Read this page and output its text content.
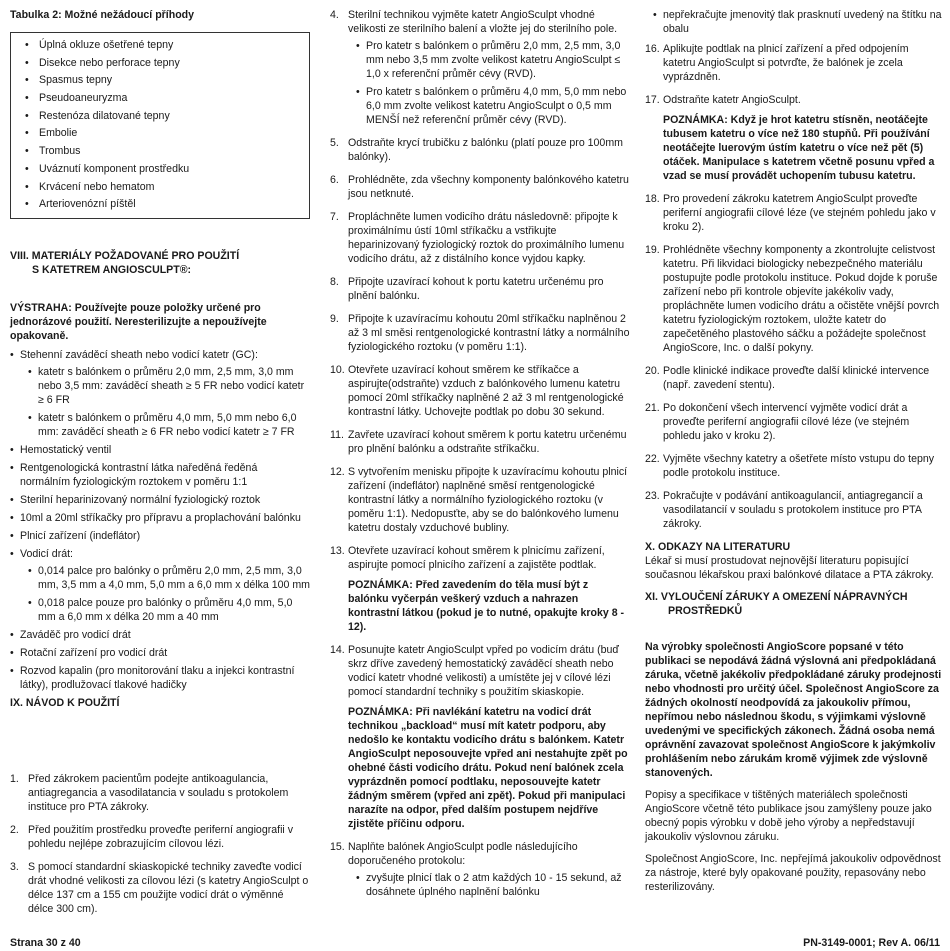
Tabulka 2: Možné nežádoucí příhody
• Úplná okluze ošetřené tepny
• Disekce nebo perforace tepny
• Spasmus tepny
• Pseudoaneuryzma
• Restenóza dilatované tepny
• Embolie
• Trombus
• Uváznutí komponent prostředku
• Krvácení nebo hematom
• Arteriovenózní píštěl
VIII. MATERIÁLY POŽADOVANÉ PRO POUŽITÍ
S KATETREM ANGIOSCULPT®:
VÝSTRAHA: Používejte pouze položky určené pro jednorázové použití. Neresterilizujte a nepoužívejte opakovaně.
• Stehenní zaváděcí sheath nebo vodicí katetr (GC):
• katetr s balónkem o průměru 2,0 mm, 2,5 mm, 3,0 mm nebo 3,5 mm: zaváděcí sheath ≥ 5 FR nebo vodicí katetr ≥ 6 FR
• katetr s balónkem o průměru 4,0 mm, 5,0 mm nebo 6,0 mm: zaváděcí sheath ≥ 6 FR nebo vodicí katetr ≥ 7 FR
• Hemostatický ventil
• Rentgenologická kontrastní látka naředěná ředěná normálním fyziologickým roztokem v poměru 1:1
• Sterilní heparinizovaný normální fyziologický roztok
• 10ml a 20ml stříkačky pro přípravu a proplachování balónku
• Plnicí zařízení (indeflátor)
• Vodicí drát:
• 0,014 palce pro balónky o průměru 2,0 mm, 2,5 mm, 3,0 mm, 3,5 mm a 4,0 mm, 5,0 mm a 6,0 mm x délka 100 mm
• 0,018 palce pouze pro balónky o průměru 4,0 mm, 5,0 mm a 6,0 mm x délka 20 mm a 40 mm
• Zaváděč pro vodicí drát
• Rotační zařízení pro vodicí drát
• Rozvod kapalin (pro monitorování tlaku a injekci kontrastní látky), prodlužovací tlakové hadičky
IX. NÁVOD K POUŽITÍ
1. Před zákrokem pacientům podejte antikoagulancia, antiagregancia a vasodilatancia v souladu s protokolem instituce pro PTA zákroky.
2. Před použitím prostředku proveďte periferní angiografii v pohledu nejlépe zobrazujícím cílovou lézi.
3. S pomocí standardní skiaskopické techniky zaveďte vodicí drát vhodné velikosti za cílovou lézi (s katetry AngioSculpt o délce 137 cm a 155 cm použijte vodicí drát o výměnné délce 300 cm).
4. Sterilní technikou vyjměte katetr AngioSculpt vhodné velikosti ze sterilního balení a vložte jej do sterilního pole.
• Pro katetr s balónkem o průměru 2,0 mm, 2,5 mm, 3,0 mm nebo 3,5 mm zvolte velikost katetru AngioSculpt ≤ 1,0 x referenční průměr cévy (RVD).
• Pro katetr s balónkem o průměru 4,0 mm, 5,0 mm nebo 6,0 mm zvolte velikost katetru AngioSculpt o 0,5 mm MENŠÍ než referenční průměr cévy (RVD).
5. Odstraňte krycí trubičku z balónku (platí pouze pro 100mm balónky).
6. Prohlédněte, zda všechny komponenty balónkového katetru jsou netknuté.
7. Propláchněte lumen vodicího drátu následovně: připojte k proximálnímu ústí 10ml stříkačku a vstřikujte heparinizovaný fyziologický roztok do proximálního lumenu vodicího drátu, až z distálního konce vyjdou kapky.
8. Připojte uzavírací kohout k portu katetru určenému pro plnění balónku.
9. Připojte k uzavíracímu kohoutu 20ml stříkačku naplněnou 2 až 3 ml směsi rentgenologické kontrastní látky a normálního fyziologického roztoku (v poměru 1:1).
10. Otevřete uzavírací kohout směrem ke stříkačce a aspirujte(odstraňte) vzduch z balónkového lumenu katetru pomocí 20ml stříkačky naplněné 2 až 3 ml rentgenologické kontrastní látky. Uchovejte podtlak po dobu 30 sekund.
11. Zavřete uzavírací kohout směrem k portu katetru určenému pro plnění balónku a odstraňte stříkačku.
12. S vytvořením menisku připojte k uzavíracímu kohoutu plnicí zařízení (indeflátor) naplněné směsí rentgenologické kontrastní látky a normálního fyziologického roztoku (v poměru 1:1). Nedopusťte, aby se do balónkového lumenu katetru dostaly vzduchové bubliny.
13. Otevřete uzavírací kohout směrem k plnicímu zařízení, aspirujte pomocí plnicího zařízení a zajistěte podtlak.
POZNÁMKA: Před zavedením do těla musí být z balónku vyčerpán veškerý vzduch a nahrazen kontrastní látkou (pokud je to nutné, opakujte kroky 8 - 12).
14. Posunujte katetr AngioSculpt vpřed po vodicím drátu (buď skrz dříve zavedený hemostatický zaváděcí sheath nebo vodicí katetr vhodné velikosti) a umístěte jej v cílové lézi pomocí standardní techniky s použitím skiaskopie.
POZNÁMKA: Při navlékání katetru na vodicí drát technikou „backload“ musí mít katetr podporu, aby nedošlo ke kontaktu vodicího drátu s balónkem. Katetr AngioSculpt neposouvejte vpřed ani nestahujte zpět po ohebné části vodicího drátu. Pokud není balónek zcela vyprázdněn pomocí podtlaku, neposouvejte katetr žádným směrem (vpřed ani zpět). Pokud při manipulaci narazíte na odpor, před dalším postupem nejdříve zjistěte příčinu odporu.
15. Naplňte balónek AngioSculpt podle následujícího doporučeného protokolu:
• zvyšujte plnicí tlak o 2 atm každých 10 - 15 sekund, až dosáhnete úplného naplnění balónku
• nepřekračujte jmenovitý tlak prasknutí uvedený na štítku na obalu
16. Aplikujte podtlak na plnicí zařízení a před odpojením katetru AngioSculpt si potvrďte, že balónek je zcela vyprázdněn.
17. Odstraňte katetr AngioSculpt.
POZNÁMKA: Když je hrot katetru stísněn, neotáčejte tubusem katetru o více než 180 stupňů. Při používání neotáčejte luerovým ústím katetru o více než pět (5) otáček. Manipulace s katetrem včetně posunu vpřed a vzad se musí provádět uchopením tubusu katetru.
18. Pro provedení zákroku katetrem AngioSculpt proveďte periferní angiografii cílové léze (ve stejném pohledu jako v kroku 2).
19. Prohlédněte všechny komponenty a zkontrolujte celistvost katetru. Při likvidaci biologicky nebezpečného materiálu postupujte podle protokolu instituce. Pokud dojde k poruše zařízení nebo při kontrole objevíte jakékoliv vady, propláchněte lumen vodicího drátu a očistěte vnější povrch katetru fyziologickým roztokem, uložte katetr do zapečetěného plastového sáčku a požádejte společnost AngioScore, Inc. o další pokyny.
20. Podle klinické indikace proveďte další klinické intervence (např. zavedení stentu).
21. Po dokončení všech intervencí vyjměte vodicí drát a proveďte periferní angiografii cílové léze (ve stejném pohledu jako v kroku 2).
22. Vyjměte všechny katetry a ošetřete místo vstupu do tepny podle protokolu instituce.
23. Pokračujte v podávání antikoagulancií, antiagregancií a vasodilatancií v souladu s protokolem instituce pro PTA zákroky.
X. ODKAZY NA LITERATURU
Lékař si musí prostudovat nejnovější literaturu popisující současnou lékařskou praxi balónkové dilatace a PTA zákroky.
XI. VYLOUČENÍ ZÁRUKY A OMEZENÍ NÁPRAVNÝCH
PROSTŘEDKŮ
Na výrobky společnosti AngioScore popsané v této publikaci se nepodává žádná výslovná ani předpokládaná záruka, včetně jakékoliv předpokládané záruky prodejnosti nebo vhodnosti pro určitý účel. Společnost AngioScore za žádných okolností neodpovídá za jakoukoliv přímou, nepřímou nebo následnou škodu, s výjimkami výslovně uvedenými ve specifických zákonech. Žádná osoba nemá oprávnění zavazovat společnost AngioScore k jakýmkoliv prohlášením nebo zárukám kromě výjimek zde výslovně stanovených.
Popisy a specifikace v tištěných materiálech společnosti AngioScore včetně této publikace jsou zamýšleny pouze jako obecný popis výrobku v době jeho výroby a nepředstavují jakoukoliv výslovnou záruku.
Společnost AngioScore, Inc. nepřejímá jakoukoliv odpovědnost za nástroje, které byly opakované použity, repasovány nebo resterilizovány.
Strana 30 z 40	PN-3149-0001; Rev A. 06/11
